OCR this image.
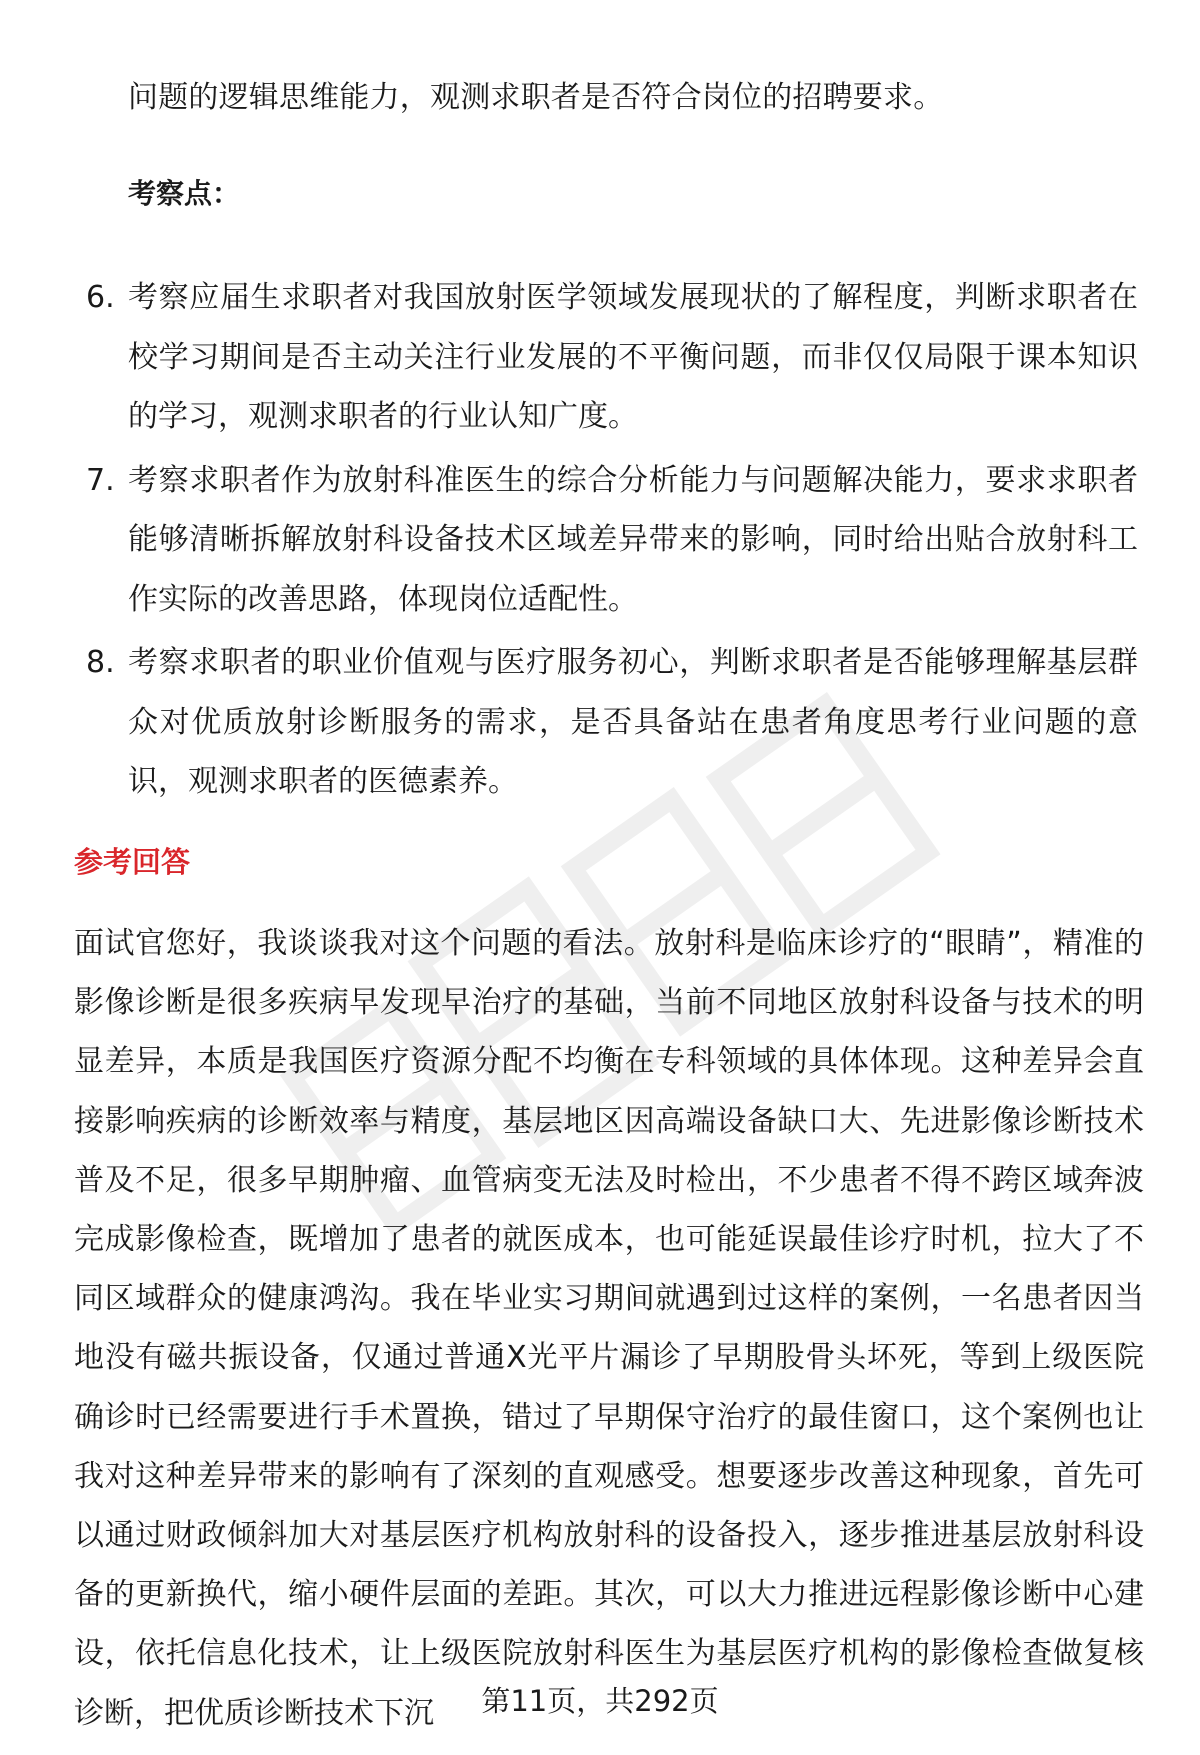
问题的逻辑思维能力，观测求职者是否符合岗位的招聘要求。
考察点：
6. 考察应届生求职者对我国放射医学领域发展现状的了解程度，判断求职者在校学习期间是否主动关注行业发展的不平衡问题，而非仅仅局限于课本知识的学习，观测求职者的行业认知广度。
7. 考察求职者作为放射科准医生的综合分析能力与问题解决能力，要求求职者能够清晰拆解放射科设备技术区域差异带来的影响，同时给出贴合放射科工作实际的改善思路，体现岗位适配性。
8. 考察求职者的职业价值观与医疗服务初心，判断求职者是否能够理解基层群众对优质放射诊断服务的需求，是否具备站在患者角度思考行业问题的意识，观测求职者的医德素养。
参考回答
面试官您好，我谈谈我对这个问题的看法。放射科是临床诊疗的“眼睛”，精准的影像诊断是很多疾病早发现早治疗的基础，当前不同地区放射科设备与技术的明显差异，本质是我国医疗资源分配不均衡在专科领域的具体体现。这种差异会直接影响疾病的诊断效率与精度，基层地区因高端设备缺口大、先进影像诊断技术普及不足，很多早期肿瘤、血管病变无法及时检出，不少患者不得不跨区域奔波完成影像检查，既增加了患者的就医成本，也可能延误最佳诊疗时机，拉大了不同区域群众的健康鸿沟。我在毕业实习期间就遇到过这样的案例，一名患者因当地没有磁共振设备，仅通过普通X光平片漏诊了早期股骨头坏死，等到上级医院确诊时已经需要进行手术置换，错过了早期保守治疗的最佳窗口，这个案例也让我对这种差异带来的影响有了深刻的直观感受。想要逐步改善这种现象，首先可以通过财政倾斜加大对基层医疗机构放射科的设备投入，逐步推进基层放射科设备的更新换代，缩小硬件层面的差距。其次，可以大力推进远程影像诊断中心建设，依托信息化技术，让上级医院放射科医生为基层医疗机构的影像检查做复核诊断，把优质诊断技术下沉	第11页，共292页
